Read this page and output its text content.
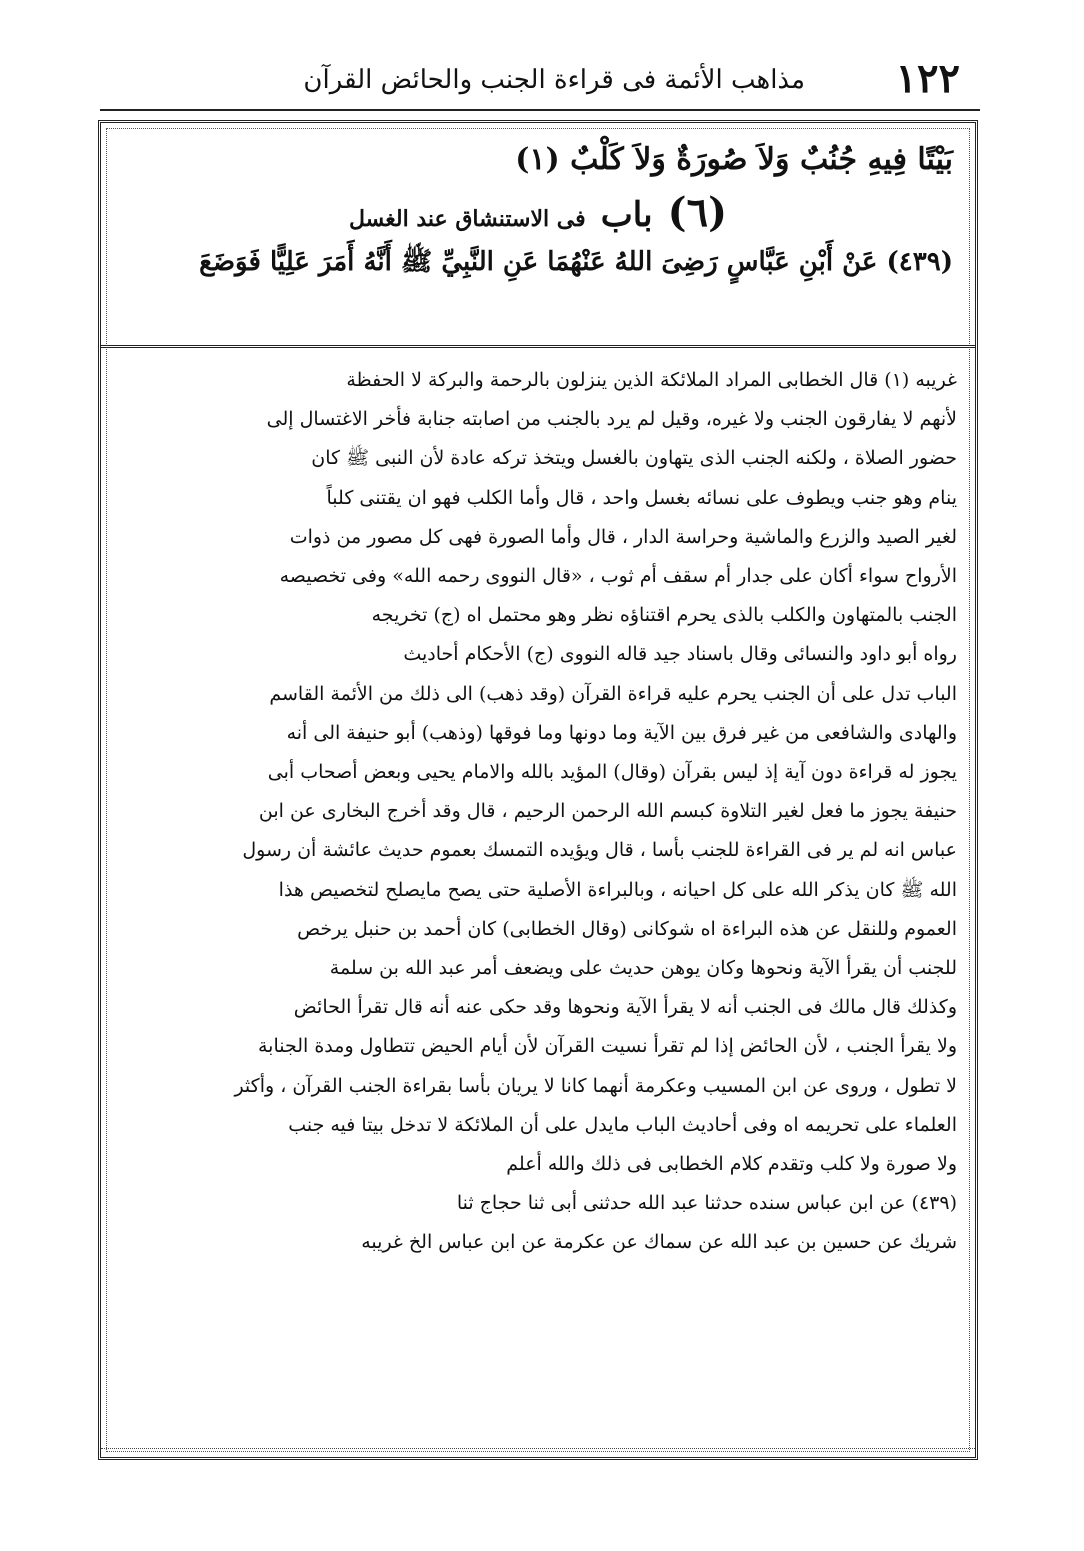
١٢٢
مذاهب الأئمة فى قراءة الجنب والحائض القرآن
بَيْتًا فِيهِ جُنُبٌ وَلاَ صُورَةٌ وَلاَ كَلْبٌ (١)
(٦) باب فى الاستنشاق عند الغسل
(٤٣٩) عَنْ أَبْنِ عَبَّاسٍ رَضِىَ اللهُ عَنْهُمَا عَنِ النَّبِيِّ ﷺ أَنَّهُ أَمَرَ عَلِيًّا فَوَضَعَ

غريبه (١) قال الخطابى المراد الملائكة الذين ينزلون بالرحمة والبركة لا الحفظة

لأنهم لا يفارقون الجنب ولا غيره، وقيل لم يرد بالجنب من اصابته جنابة فأخر الاغتسال إلى

حضور الصلاة ، ولكنه الجنب الذى يتهاون بالغسل ويتخذ تركه عادة لأن النبى ﷺ كان

ينام وهو جنب ويطوف على نسائه بغسل واحد ، قال وأما الكلب فهو ان يقتنى كلباً

لغير الصيد والزرع والماشية وحراسة الدار ، قال وأما الصورة فهى كل مصور من ذوات

الأرواح سواء أكان على جدار أم سقف أم ثوب ، «قال النووى رحمه الله» وفى تخصيصه

الجنب بالمتهاون والكلب بالذى يحرم اقتناؤه نظر وهو محتمل اه (ج) تخريجه

رواه أبو داود والنسائى وقال باسناد جيد قاله النووى (ج) الأحكام أحاديث

الباب تدل على أن الجنب يحرم عليه قراءة القرآن (وقد ذهب) الى ذلك من الأئمة القاسم

والهادى والشافعى من غير فرق بين الآية وما دونها وما فوقها (وذهب) أبو حنيفة الى أنه

يجوز له قراءة دون آية إذ ليس بقرآن (وقال) المؤيد بالله والامام يحيى وبعض أصحاب أبى

حنيفة يجوز ما فعل لغير التلاوة كبسم الله الرحمن الرحيم ، قال وقد أخرج البخارى عن ابن

عباس انه لم ير فى القراءة للجنب بأسا ، قال ويؤيده التمسك بعموم حديث عائشة أن رسول

الله ﷺ كان يذكر الله على كل احيانه ، وبالبراءة الأصلية حتى يصح مايصلح لتخصيص هذا

العموم وللنقل عن هذه البراءة اه شوكانى (وقال الخطابى) كان أحمد بن حنبل يرخص

للجنب أن يقرأ الآية ونحوها وكان يوهن حديث على ويضعف أمر عبد الله بن سلمة

وكذلك قال مالك فى الجنب أنه لا يقرأ الآية ونحوها وقد حكى عنه أنه قال تقرأ الحائض

ولا يقرأ الجنب ، لأن الحائض إذا لم تقرأ نسيت القرآن لأن أيام الحيض تتطاول ومدة الجنابة

لا تطول ، وروى عن ابن المسيب وعكرمة أنهما كانا لا يريان بأسا بقراءة الجنب القرآن ، وأكثر

العلماء على تحريمه اه وفى أحاديث الباب مايدل على أن الملائكة لا تدخل بيتا فيه جنب

ولا صورة ولا كلب وتقدم كلام الخطابى فى ذلك والله أعلم

(٤٣٩) عن ابن عباس سنده حدثنا عبد الله حدثنى أبى ثنا حجاج ثنا

شريك عن حسين بن عبد الله عن سماك عن عكرمة عن ابن عباس الخ غريبه
